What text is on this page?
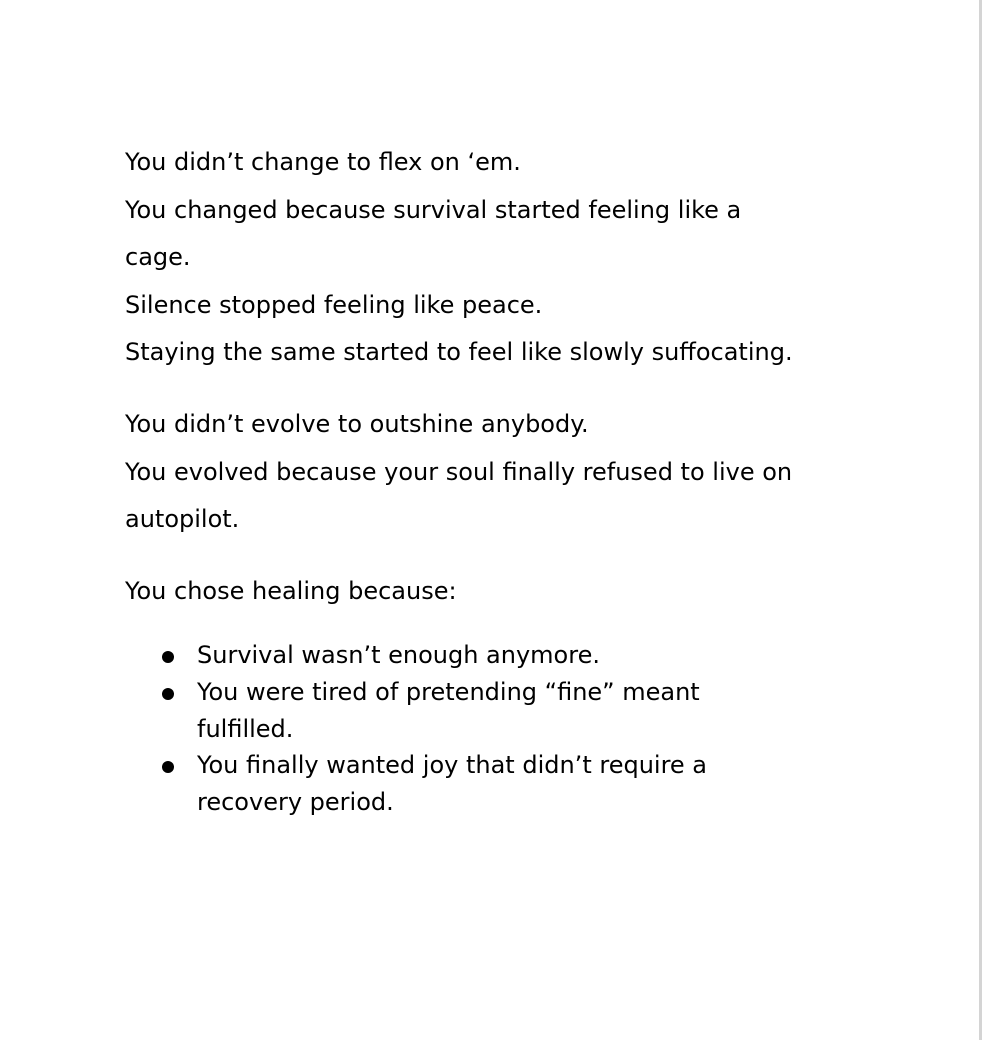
You didn’t change to flex on ‘em.
You changed because survival started feeling like a
cage.
Silence stopped feeling like peace.
Staying the same started to feel like slowly suffocating.

You didn’t evolve to outshine anybody.
You evolved because your soul finally refused to live on
autopilot.

You chose healing because:

Survival wasn’t enough anymore.
You were tired of pretending “fine” meant
fulfilled.
You finally wanted joy that didn’t require a
recovery period.
